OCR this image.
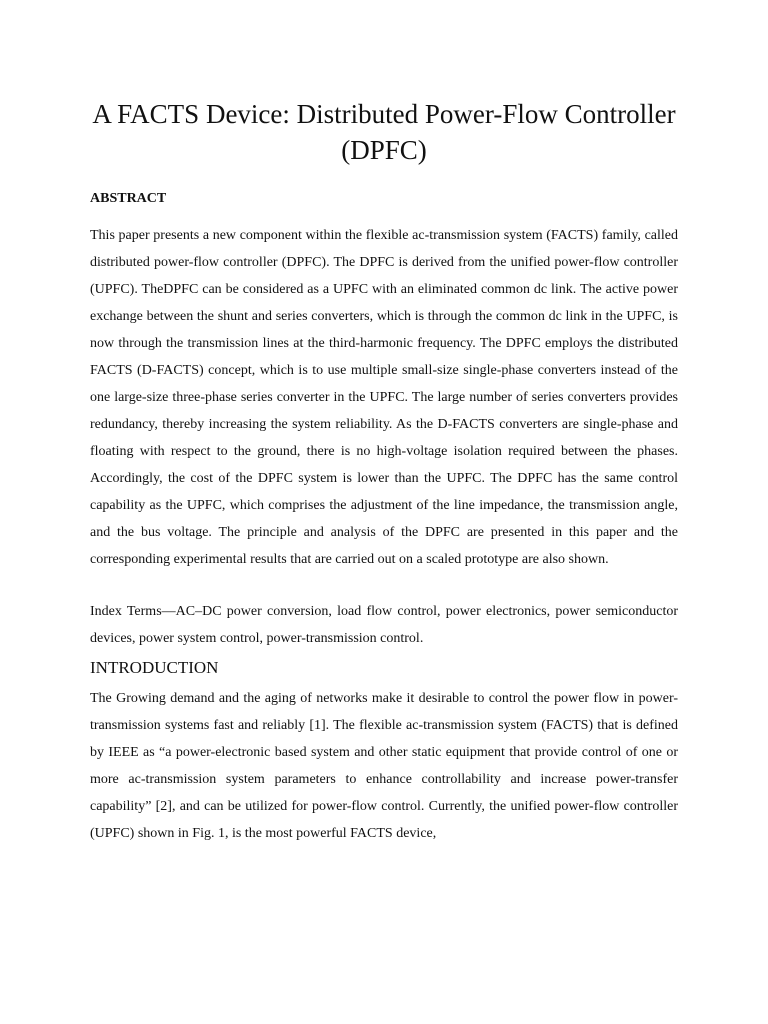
A FACTS Device: Distributed Power-Flow Controller (DPFC)
ABSTRACT

This paper presents a new component within the flexible ac-transmission system (FACTS) family, called distributed power-flow controller (DPFC). The DPFC is derived from the unified power-flow controller (UPFC). TheDPFC can be considered as a UPFC with an eliminated common dc link. The active power exchange between the shunt and series converters, which is through the common dc link in the UPFC, is now through the transmission lines at the third-harmonic frequency. The DPFC employs the distributed FACTS (D-FACTS) concept, which is to use multiple small-size single-phase converters instead of the one large-size three-phase series converter in the UPFC. The large number of series converters provides redundancy, thereby increasing the system reliability. As the D-FACTS converters are single-phase and floating with respect to the ground, there is no high-voltage isolation required between the phases. Accordingly, the cost of the DPFC system is lower than the UPFC. The DPFC has the same control capability as the UPFC, which comprises the adjustment of the line impedance, the transmission angle, and the bus voltage. The principle and analysis of the DPFC are presented in this paper and the corresponding experimental results that are carried out on a scaled prototype are also shown.

Index Terms—AC–DC power conversion, load flow control, power electronics, power semiconductor devices, power system control, power-transmission control.

INTRODUCTION

The Growing demand and the aging of networks make it desirable to control the power flow in power-transmission systems fast and reliably [1]. The flexible ac-transmission system (FACTS) that is defined by IEEE as “a power-electronic based system and other static equipment that provide control of one or more ac-transmission system parameters to enhance controllability and increase power-transfer capability” [2], and can be utilized for power-flow control. Currently, the unified power-flow controller (UPFC) shown in Fig. 1, is the most powerful FACTS device,
